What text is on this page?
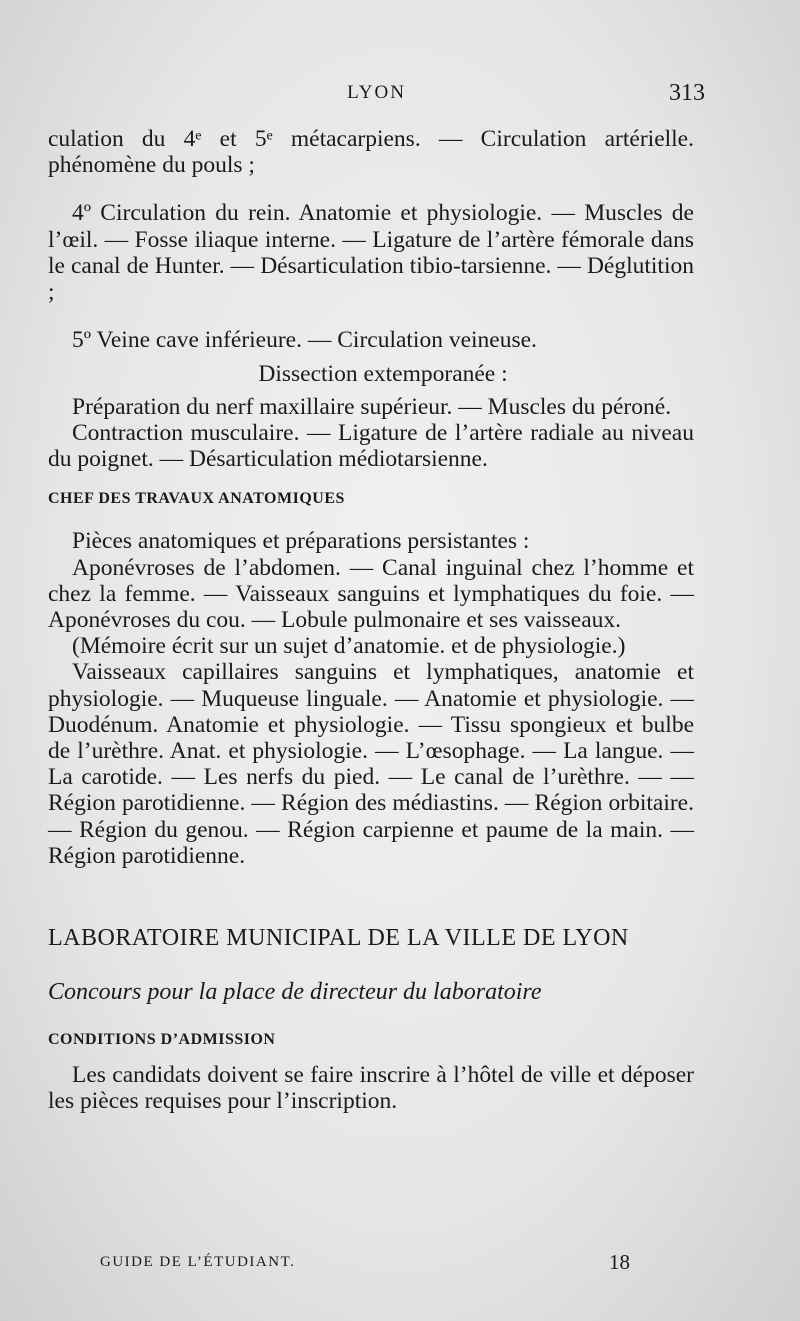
LYON	313

culation du 4ᵉ et 5ᵉ métacarpiens. — Circulation artérielle. phénomène du pouls ;

4º Circulation du rein. Anatomie et physiologie. — Muscles de l’œil. — Fosse iliaque interne. — Ligature de l’artère fémorale dans le canal de Hunter. — Désarticulation tibio-tarsienne. — Déglutition ;

5º Veine cave inférieure. — Circulation veineuse.

Dissection extemporanée :

Préparation du nerf maxillaire supérieur. — Muscles du péroné.

Contraction musculaire. — Ligature de l’artère radiale au niveau du poignet. — Désarticulation médiotarsienne.

CHEF DES TRAVAUX ANATOMIQUES

Pièces anatomiques et préparations persistantes :

Aponévroses de l’abdomen. — Canal inguinal chez l’homme et chez la femme. — Vaisseaux sanguins et lymphatiques du foie. — Aponévroses du cou. — Lobule pulmonaire et ses vaisseaux.

(Mémoire écrit sur un sujet d’anatomie. et de physiologie.)

Vaisseaux capillaires sanguins et lymphatiques, anatomie et physiologie. — Muqueuse linguale. — Anatomie et physiologie. — Duodénum. Anatomie et physiologie. — Tissu spongieux et bulbe de l’urèthre. Anat. et physiologie. — L’œsophage. — La langue. — La carotide. — Les nerfs du pied. — Le canal de l’urèthre. — — Région parotidienne. — Région des médiastins. — Région orbitaire. — Région du genou. — Région carpienne et paume de la main. — Région parotidienne.

LABORATOIRE MUNICIPAL DE LA VILLE DE LYON

Concours pour la place de directeur du laboratoire

CONDITIONS D’ADMISSION

Les candidats doivent se faire inscrire à l’hôtel de ville et déposer les pièces requises pour l’inscription.

GUIDE DE L’ÉTUDIANT.	18
